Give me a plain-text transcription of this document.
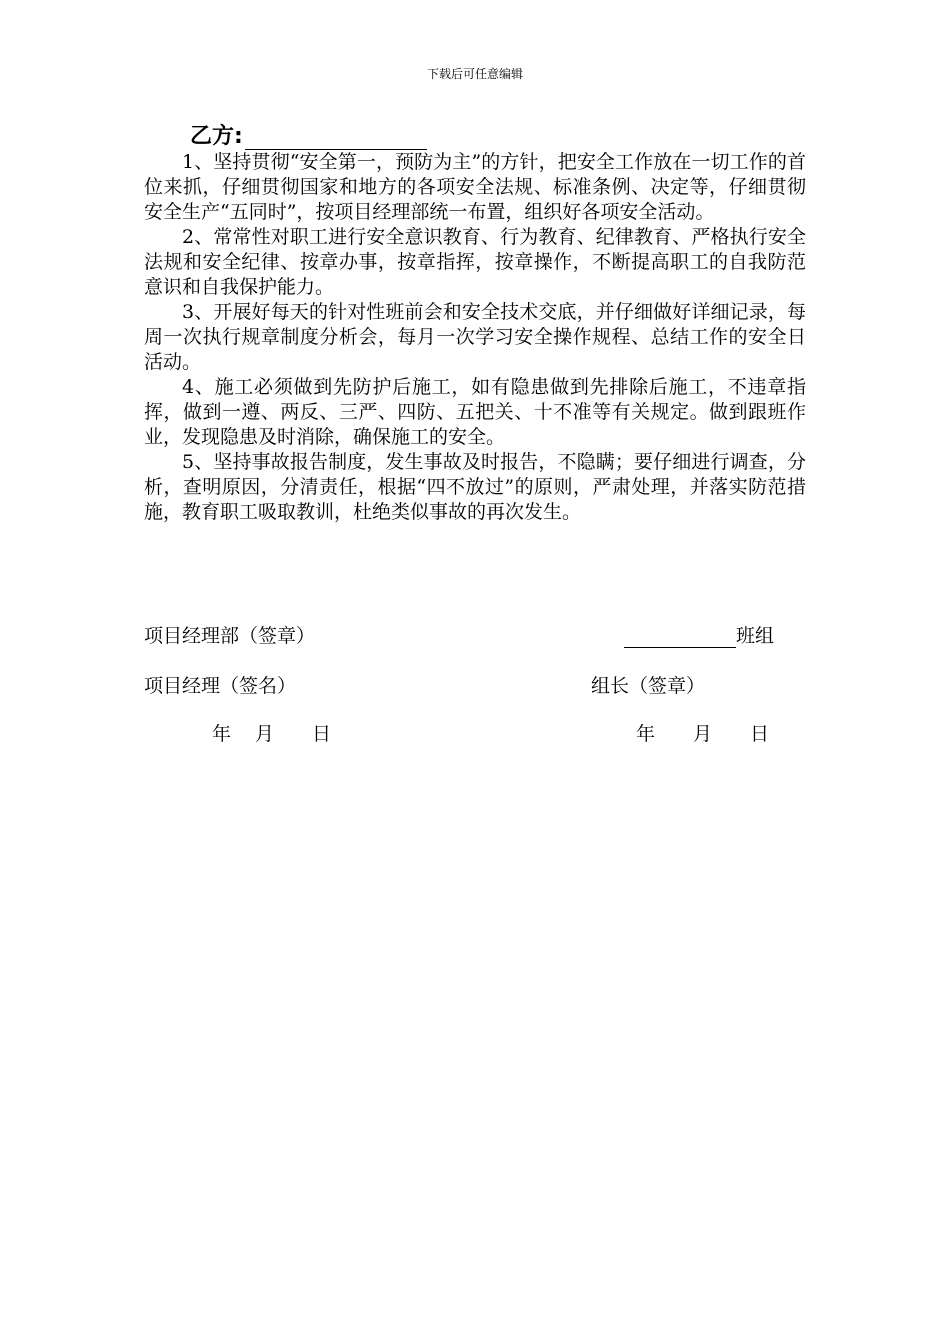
下载后可任意编辑
乙方:

1、坚持贯彻“安全第一，预防为主”的方针，把安全工作放在一切工作的首位来抓，仔细贯彻国家和地方的各项安全法规、标准条例、决定等，仔细贯彻安全生产“五同时”，按项目经理部统一布置，组织好各项安全活动。

2、常常性对职工进行安全意识教育、行为教育、纪律教育、严格执行安全法规和安全纪律、按章办事，按章指挥，按章操作，不断提高职工的自我防范意识和自我保护能力。

3、开展好每天的针对性班前会和安全技术交底，并仔细做好详细记录，每周一次执行规章制度分析会，每月一次学习安全操作规程、总结工作的安全日活动。

4、施工必须做到先防护后施工，如有隐患做到先排除后施工，不违章指挥，做到一遵、两反、三严、四防、五把关、十不准等有关规定。做到跟班作业，发现隐患及时消除，确保施工的安全。

5、坚持事故报告制度，发生事故及时报告，不隐瞒；要仔细进行调查，分析，查明原因，分清责任，根据“四不放过”的原则，严肃处理，并落实防范措施，教育职工吸取教训，杜绝类似事故的再次发生。

项目经理部（签章）	班组
项目经理（签名）	组长（签章）
年 月 日	年 月 日
